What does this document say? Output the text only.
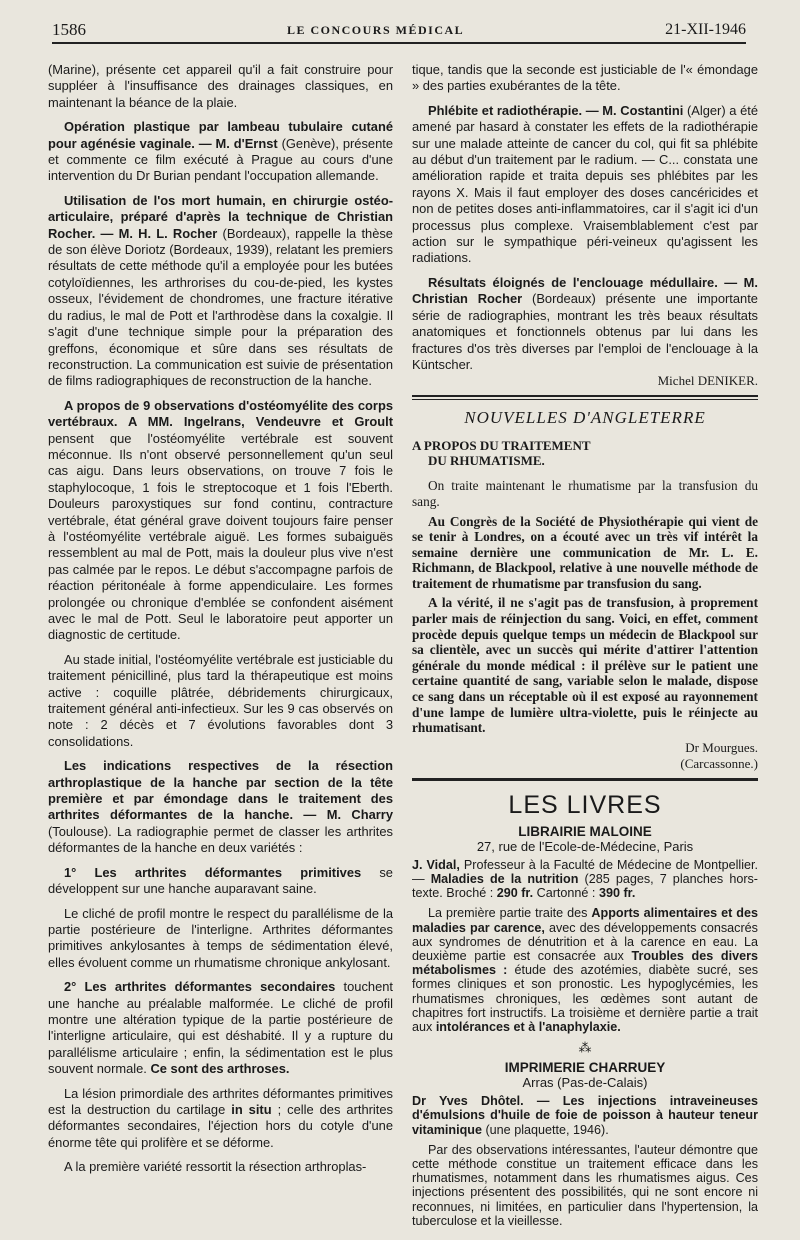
1586	LE CONCOURS MÉDICAL	21-XII-1946

(Marine), présente cet appareil qu'il a fait construire pour suppléer à l'insuffisance des drainages classiques, en maintenant la béance de la plaie.

Opération plastique par lambeau tubulaire cutané pour agénésie vaginale. — M. d'Ernst (Genève), présente et commente ce film exécuté à Prague au cours d'une intervention du Dr Burian pendant l'occupation allemande.

Utilisation de l'os mort humain, en chirurgie ostéo-articulaire, préparé d'après la technique de Christian Rocher. — M. H. L. Rocher (Bordeaux), rappelle la thèse de son élève Doriotz (Bordeaux, 1939), relatant les premiers résultats de cette méthode qu'il a employée pour les butées cotyloïdiennes, les arthrorises du cou-de-pied, les kystes osseux, l'évidement de chondromes, une fracture itérative du radius, le mal de Pott et l'arthrodèse dans la coxalgie. Il s'agit d'une technique simple pour la préparation des greffons, économique et sûre dans ses résultats de reconstruction. La communication est suivie de présentation de films radiographiques de reconstruction de la hanche.

A propos de 9 observations d'ostéomyélite des corps vertébraux. A MM. Ingelrans, Vendeuvre et Groult pensent que l'ostéomyélite vertébrale est souvent méconnue. Ils n'ont observé personnellement qu'un seul cas aigu. Dans leurs observations, on trouve 7 fois le staphylocoque, 1 fois le streptocoque et 1 fois l'Eberth. Douleurs paroxystiques sur fond continu, contracture vertébrale, état général grave doivent toujours faire penser à l'ostéomyélite vertébrale aiguë. Les formes subaiguës ressemblent au mal de Pott, mais la douleur plus vive n'est pas calmée par le repos. Le début s'accompagne parfois de réaction péritonéale à forme appendiculaire. Les formes prolongée ou chronique d'emblée se confondent aisément avec le mal de Pott. Seul le laboratoire peut apporter un diagnostic de certitude.

Au stade initial, l'ostéomyélite vertébrale est justiciable du traitement pénicilliné, plus tard la thérapeutique est moins active : coquille plâtrée, débridements chirurgicaux, traitement général anti-infectieux. Sur les 9 cas observés on note : 2 décès et 7 évolutions favorables dont 3 consolidations.

Les indications respectives de la résection arthroplastique de la hanche par section de la tête première et par émondage dans le traitement des arthrites déformantes de la hanche. — M. Charry (Toulouse). La radiographie permet de classer les arthrites déformantes de la hanche en deux variétés :

1° Les arthrites déformantes primitives se développent sur une hanche auparavant saine.

Le cliché de profil montre le respect du parallélisme de la partie postérieure de l'interligne. Arthrites déformantes primitives ankylosantes à temps de sédimentation élevé, elles évoluent comme un rhumatisme chronique ankylosant.

2° Les arthrites déformantes secondaires touchent une hanche au préalable malformée. Le cliché de profil montre une altération typique de la partie postérieure de l'interligne articulaire, qui est déshabité. Il y a rupture du parallélisme articulaire ; enfin, la sédimentation est le plus souvent normale. Ce sont des arthroses.

La lésion primordiale des arthrites déformantes primitives est la destruction du cartilage in situ ; celle des arthrites déformantes secondaires, l'éjection hors du cotyle d'une énorme tête qui prolifère et se déforme.

A la première variété ressortit la résection arthroplas-

tique, tandis que la seconde est justiciable de l'« émondage » des parties exubérantes de la tête.

Phlébite et radiothérapie. — M. Costantini (Alger) a été amené par hasard à constater les effets de la radiothérapie sur une malade atteinte de cancer du col, qui fit sa phlébite au début d'un traitement par le radium. — C... constata une amélioration rapide et traita depuis ses phlébites par les rayons X. Mais il faut employer des doses cancéricides et non de petites doses anti-inflammatoires, car il s'agit ici d'un processus plus complexe. Vraisemblablement c'est par action sur le sympathique péri-veineux qu'agissent les radiations.

Résultats éloignés de l'enclouage médullaire. — M. Christian Rocher (Bordeaux) présente une importante série de radiographies, montrant les très beaux résultats anatomiques et fonctionnels obtenus par lui dans les fractures d'os très diverses par l'emploi de l'enclouage à la Küntscher.

Michel DENIKER.
NOUVELLES D'ANGLETERRE
A PROPOS DU TRAITEMENT
DU RHUMATISME.

On traite maintenant le rhumatisme par la transfusion du sang.

Au Congrès de la Société de Physiothérapie qui vient de se tenir à Londres, on a écouté avec un très vif intérêt la semaine dernière une communication de Mr. L. E. Richmann, de Blackpool, relative à une nouvelle méthode de traitement de rhumatisme par transfusion du sang.

A la vérité, il ne s'agit pas de transfusion, à proprement parler mais de réinjection du sang. Voici, en effet, comment procède depuis quelque temps un médecin de Blackpool sur sa clientèle, avec un succès qui mérite d'attirer l'attention générale du monde médical : il prélève sur le patient une certaine quantité de sang, variable selon le malade, dispose ce sang dans un réceptable où il est exposé au rayonnement d'une lampe de lumière ultra-violette, puis le réinjecte au rhumatisant.

Dr Mourgues.
(Carcassonne.)
LES LIVRES
LIBRAIRIE MALOINE
27, rue de l'Ecole-de-Médecine, Paris

J. Vidal, Professeur à la Faculté de Médecine de Montpellier. — Maladies de la nutrition (285 pages, 7 planches hors-texte. Broché : 290 fr. Cartonné : 390 fr.

La première partie traite des Apports alimentaires et des maladies par carence, avec des développements consacrés aux syndromes de dénutrition et à la carence en eau. La deuxième partie est consacrée aux Troubles des divers métabolismes : étude des azotémies, diabète sucré, ses formes cliniques et son pronostic. Les hypoglycémies, les rhumatismes chroniques, les œdèmes sont autant de chapitres fort instructifs. La troisième et dernière partie a trait aux intolérances et à l'anaphylaxie.

⁂
IMPRIMERIE CHARRUEY
Arras (Pas-de-Calais)

Dr Yves Dhôtel. — Les injections intraveineuses d'émulsions d'huile de foie de poisson à hauteur teneur vitaminique (une plaquette, 1946).

Par des observations intéressantes, l'auteur démontre que cette méthode constitue un traitement efficace dans les rhumatismes, notamment dans les rhumatismes aigus. Ces injections présentent des possibilités, qui ne sont encore ni reconnues, ni limitées, en particulier dans l'hypertension, la tuberculose et la vieillesse.
